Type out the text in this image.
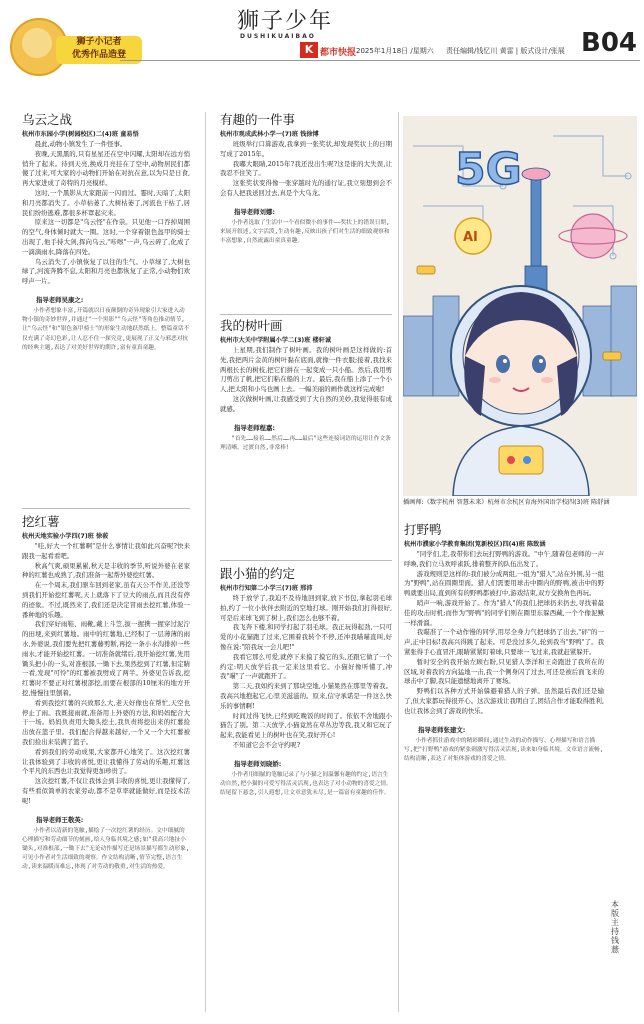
狮子小记者
优秀作品造登
狮子少年
DUSHIKUAIBAO
K 都市快报 2025年1月18日 /星期六 责任编辑/钱忆川 黄雷 | 版式设计/张展 B04
乌云之战
杭州市东园小学(树园校区)二(4)班 童易悟

晨此,动物小镇发生了一件怪事。

夜晚,天黑黑的,只有星星还在空中闪耀,太阳却在远方悄悄升了起来。待到天亮,换成月亮挂在了空中,动物居民们都傻了过来,可大家的小动物们开始在对抗在意,以为只是日食,再大家进成了奇特的月亮模样。

这时,一个黑影从大家跟前一闪而过。霎时,天暗了,太阳和月亮都消失了。小草枯萎了,大树枯萎了,河流也干枯了,居民们纷纷逃难,都很多杯罩起灾来。

原来这一切都是"乌云怪"在作祟。只见他一口吞掉周围的空气,身体倾时就大一圈。这时,一个穿着银色盔甲的骑士出现了,他手持大剑,挥向乌云,"咔嚓"一声,乌云碎了,化成了一滴滴雨水,降落在四处。

乌云消失了,小镇恢复了以往的生气。小草绿了,大树也绿了,河流奔腾不息,太阳和月亮也都恢复了正常,小动物们欢呼声一片。

指导老师吴康之:
小作者想象丰富,开篇就以日夜颠倒的奇异现象引大家进入动物小镇的奇妙世界,并通过"一个黑影""乌云怪"等角色推动情节,让"乌云怪"和"银色盔甲骑士"的形象生动地跃然纸上。整篇童话不仅充满了奇幻色彩,让人忍不住一探究竟,更展现了正义与邪恶对抗的经典主题,表达了对美好世界的期许,富有童真童趣。
挖红薯
杭州天地实验小学四(7)班 徐莜

"哇,好大一个红薯啊"是什么事情让我如此兴奋呢?快来跟我一起看看吧。

秋高气爽,硕果累累,秋天是丰收的季节,听说外婆在老家种的红薯也成熟了,我们准备一起帮外婆挖红薯。

在一个周末,我们驱车回到老家,虽有天公不作美,还没等到我们开始挖红薯呢,天上就落下了豆大的雨点,而且没有停的迹象。不过,既然来了,我们还是决定冒雨去挖红薯,体验一番种地的乐趣。

我们穿好雨鞋、雨靴,戴上斗笠,拔一握携一握穿过泥泞的田埂,来到红薯地。雨中的红薯地,已经积了一层薄薄的雨水,外婆说,我们要先把红薯藤剪断,再挖一条小水沟排掉一些雨水,才能开始挖红薯。一切准备就绪后,我开始挖红薯,先用锄头把小的一头,对准根部,一锄下去,果然挖到了红薯,但定睛一看,发现"可怜"的红薯被我劈成了两半。外婆见告诉我,挖红薯时不要正对红薯根部挖,而要在根部的10厘米的地方开挖,慢慢往里刨着。

看到我挖红薯的兴致那么大,老天好像也在帮忙,天空也停止了雨。我既接雨就,准备用上外婆的方法,和妈妈配合大干一场。妈妈负责用大锄头挖土,我负责将挖出来的红薯捡出放在篮子里。我们配合得越来越好,一个又一个大红薯被我们捡出来装满了篮子。

看到我们的劳动成果,大家都开心地笑了。这次挖红薯让我体验到了丰收的喜悦,更让我懂得了劳动的乐趣,红薯这个平凡的东西也让我觉得更加珍贵了。

这次挖红薯,不仅让我体会到丰收的喜悦,更让我懂得了,有些看似简单的农家劳动,都不是草率就能做好,而是技术活呢!

指导老师王敬英:
小作者以清新的笔触,描绘了一次挖红薯的经历。文中细腻的心理描写和劳动细节的刻画,给人身临其境之感;如"我高兴地扯小锄头,对准根部,一锄下去"无论动作描写还是场景描写都生动形象,可见小作者对生活细致的观察。作文结构清晰,情节完整,语言生动,读来温暖而难忘,体现了对劳动的敬重,对生活的热爱。
有趣的一件事
杭州市观成武林小学一(7)班 钱徐博

班级举行口算游戏,我拿到一张奖状,却发现奖状上的日期写成了2015年。

我嘟大眼睛,2015年?我还没出生呢?这是谁的大失误,让我忍不住笑了。

这张奖状变得像一张穿越时光的通行证,我立刻想到会不会有人把我送回过去,真是个大乌龙。

指导老师刘娜:
小作者选取了生活中一个看似微小的事件——奖状上的错误日期,来展开叙述,文字活泼,生动有趣,反映出孩子们对生活的细致观察和丰富想象,自然流露出童真童趣。
我的树叶画
杭州市大关中学附属小学二(3)班 楼轩诚

上星期,我们制作了树叶画。我的树叶画是这样做的:首先,我把两片金黄的树叶黏在底面,就像一件衣服;接着,我找来两根长长的树枝,把它们拼在一起变成一只小船。然后,我用剪刀剪出了帆,把它们粘在船的上方。最后,我在船上添了一个小人,把太阳和小鸟也画上去。一幅美丽的画作就这样完成啦!

这次做树叶画,让我感受到了大自然的美妙,我觉得很有成就感。

指导老师程嘉:
"首先……接着……然后……再……最后"这些连接词语的运用让作文条理清晰、过渡自然,非常棒!
跟小猫的约定
杭州市行知第二小学三(7)班 邢沛

终于放学了,我迫不及待地回到家,放下书包,拿起羽毛球拍,约了一位小伙伴去附近的空地打球。刚开始我们打得很好,可是后来球飞到了树上,我们怎么也够不着。

我飞奔下楼,和同学打起了羽毛球。我正玩得起劲,一只可爱的小花猫跑了过来,它围着我转个不停,还冲我喵喵直叫,好像在说:"陪我玩一会儿吧!"

我看它那么可爱,就停下来摸了摸它的头,还跟它做了一个约定:明天放学后我一定来这里看它。小猫好像听懂了,冲我"喵"了一声就跑开了。

第二天,我如约来到了那块空地,小猫果然在那里等着我。我高兴地抱起它,心里美滋滋的。原来,信守承诺是一件这么快乐的事情啊!

时间过得飞快,已经到吃晚饭的时间了。依依不舍地跟小猫告了别。第二天放学,小猫竟然在草丛边等我,我又和它玩了起来,我能看见上的树叶也在笑,我好开心!

不知道它会不会守约呢?

指导老师刘晓娇:
小作者用细腻的笔触记录了与小猫之间温馨有趣的约定,语言生动自然,把小猫的可爱写得活灵活现,也表达了对小动物的喜爱之情。结尾留下悬念,引人遐想,让文章意犹未尽,是一篇富有童趣的佳作。
5G
AI
插画师:《数字杭州 智慧未来》杭州市余杭区育海外国语学校四(3)班 陈舒涵
打野鸭
杭州市濮家小学教育集团(笕新校区)四(4)班 陈致涵

"同学们,走,我带你们去玩打野鸭的游戏。"中午,随着包老师的一声呼喚,我们立马欢呼雀跃,排着整齐的队伍出发了。

游戏规则是这样的:我们被分成两组,一组为"猎人",站在外围,另一组为"野鸭",站在圆圈里面。猎人们需要用球击中圈内的野鸭,被击中的野鸭就要出局,直到所有的野鸭都被打中,游戏结束,双方交换角色再玩。

哨声一响,游戏开始了。作为"猎人"的我们,把球扔来扔去,寻找着最佳的攻击时机;而作为"野鸭"的同学们则在圈里东躲西藏,一个个像泥鳅一样滑溜。

我瞄准了一个动作慢的同学,用尽全身力气把球扔了出去,"砰"的一声,正中目标!我高兴得跳了起来。可是没过多久,轮到我当"野鸭"了。我紧张得手心直冒汗,眼睛紧紧盯着球,只要球一飞过来,我就赶紧躲开。

暂时安全的我开始左顾右盼,只见猎人李洋和王奇跑进了我所在的区域,对着我的方向猛地一击,我一个侧身闪了过去,可还是被后面飞来的球击中了脚,我只能遗憾地离开了赛场。

野鸭们以各种方式开始躲避着猎人的子弹。虽然最后我们还是输了,但大家都玩得很开心。这次游戏让我明白了,团结合作才能取得胜利,也让我体会到了游戏的快乐。

指导老师张建文:
小作者抓住游戏中的精彩瞬间,通过生动的动作描写、心理描写和语言描写,把"打野鸭"游戏的紧张刺激写得活灵活现,读来如身临其境。文章语言流畅,结构清晰,表达了对集体游戏的喜爱之情。
本版主持 钱薏
